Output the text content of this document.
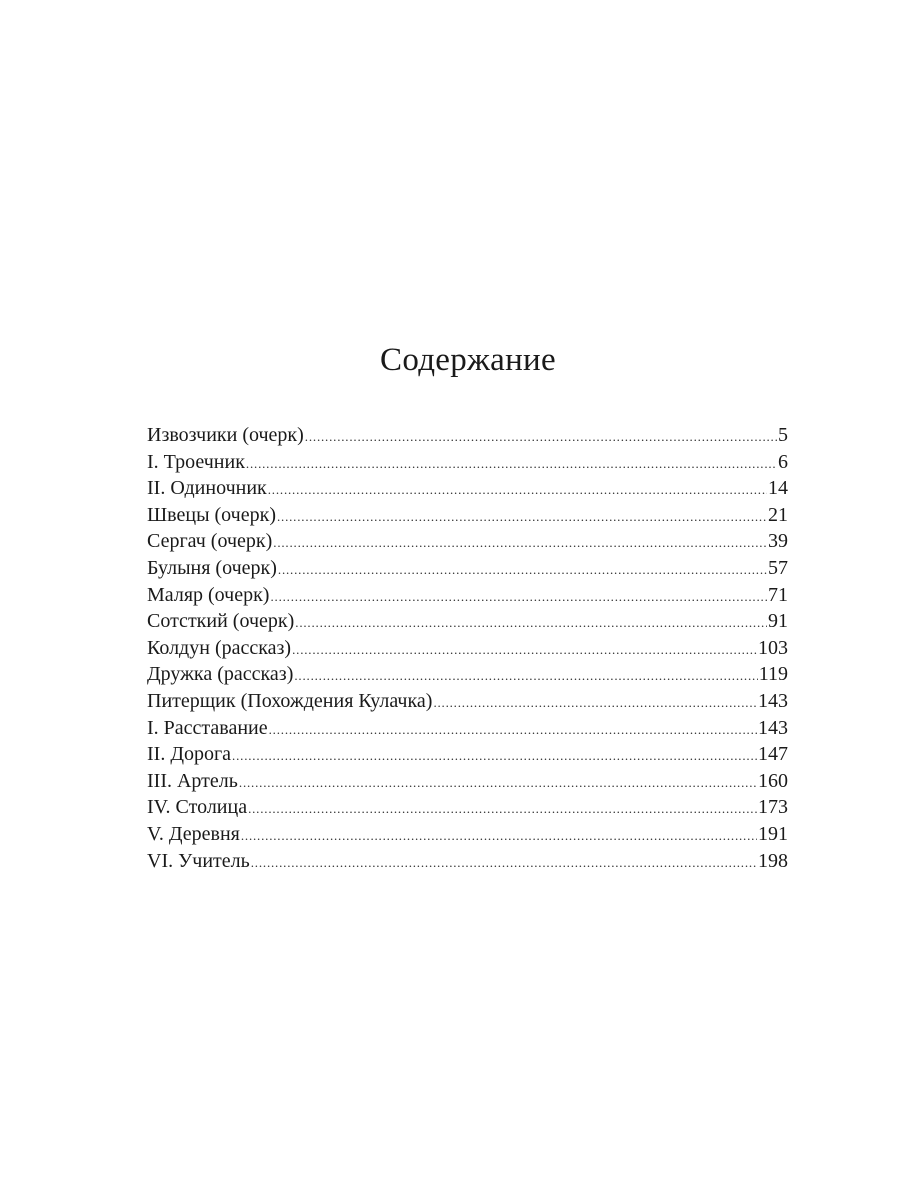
Содержание
Извозчики (очерк) .....	5
I. Троечник .....	6
II. Одиночник .....	14
Швецы (очерк) .....	21
Сергач (очерк) .....	39
Булыня (очерк) .....	57
Маляр (очерк) .....	71
Сотсткий (очерк) .....	91
Колдун (рассказ) .....	103
Дружка (рассказ) .....	119
Питерщик (Похождения Кулачка) .....	143
I. Расставание .....	143
II. Дорога .....	147
III. Артель .....	160
IV. Столица .....	173
V. Деревня .....	191
VI. Учитель .....	198
